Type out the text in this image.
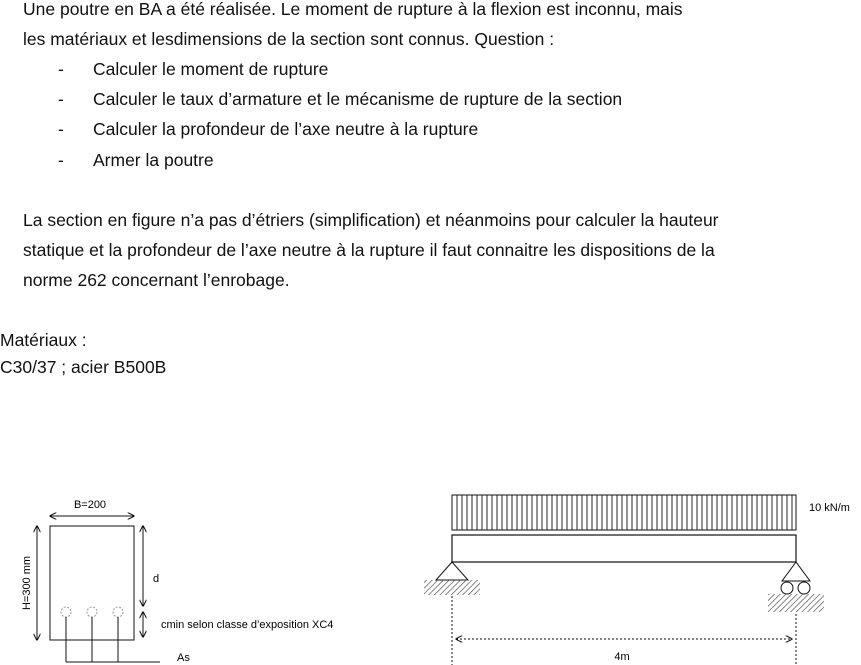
Une poutre en BA a été réalisée. Le moment de rupture à la flexion est inconnu, mais
les matériaux et lesdimensions de la section sont connus. Question :
- Calculer le moment de rupture
- Calculer le taux d’armature et le mécanisme de rupture de la section
- Calculer la profondeur de l’axe neutre à la rupture
- Armer la poutre
La section en figure n’a pas d’étriers (simplification) et néanmoins pour calculer la hauteur
statique et la profondeur de l’axe neutre à la rupture il faut connaitre les dispositions de la
norme 262 concernant l’enrobage.
Matériaux :
C30/37 ; acier B500B
B=200
H=300 mm	d
cmin selon classe d’exposition XC4
As
10 kN/m
4m
